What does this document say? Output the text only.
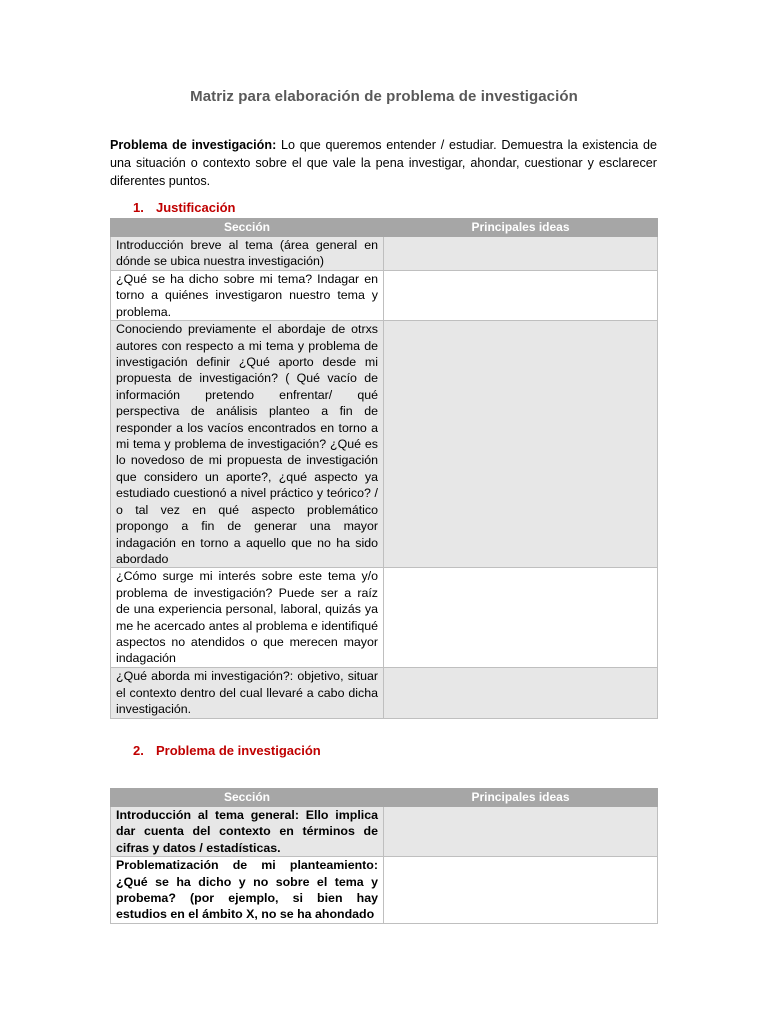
Matriz para elaboración de problema de investigación

Problema de investigación: Lo que queremos entender / estudiar. Demuestra la existencia de una situación o contexto sobre el que vale la pena investigar, ahondar, cuestionar y esclarecer diferentes puntos.

1. Justificación
Sección	Principales ideas
Introducción breve al tema (área general en dónde se ubica nuestra investigación)	
¿Qué se ha dicho sobre mi tema? Indagar en torno a quiénes investigaron nuestro tema y problema.	
Conociendo previamente el abordaje de otrxs autores con respecto a mi tema y problema de investigación definir ¿Qué aporto desde mi propuesta de investigación? ( Qué vacío de información pretendo enfrentar/ qué perspectiva de análisis planteo a fin de responder a los vacíos encontrados en torno a mi tema y problema de investigación? ¿Qué es lo novedoso de mi propuesta de investigación que considero un aporte?, ¿qué aspecto ya estudiado cuestionó a nivel práctico y teórico? / o tal vez en qué aspecto problemático propongo a fin de generar una mayor indagación en torno a aquello que no ha sido abordado	
¿Cómo surge mi interés sobre este tema y/o problema de investigación? Puede ser a raíz de una experiencia personal, laboral, quizás ya me he acercado antes al problema e identifiqué aspectos no atendidos o que merecen mayor indagación	
¿Qué aborda mi investigación?: objetivo, situar el contexto dentro del cual llevaré a cabo dicha investigación.	
2. Problema de investigación
Sección	Principales ideas
Introducción al tema general: Ello implica dar cuenta del contexto en términos de cifras y datos / estadísticas.	
Problematización de mi planteamiento: ¿Qué se ha dicho y no sobre el tema y probema? (por ejemplo, si bien hay estudios en el ámbito X, no se ha ahondado	
